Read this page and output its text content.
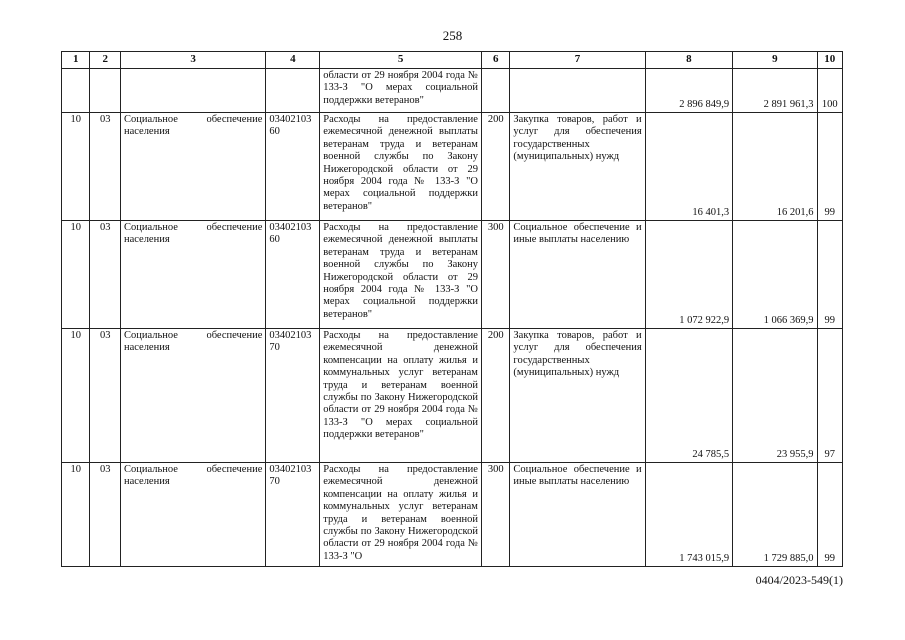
258
1	2	3	4	5	6	7	8	9	10
				области от 29 ноября 2004 года № 133-З "О мерах социальной поддержки ветеранов"			2 896 849,9	2 891 961,3	100
10	03	Социальное обеспечение населения	0340210360	Расходы на предоставление ежемесячной денежной выплаты ветеранам труда и ветеранам военной службы по Закону Нижегородской области от 29 ноября 2004 года № 133-З "О мерах социальной поддержки ветеранов"	200	Закупка товаров, работ и услуг для обеспечения государственных (муниципальных) нужд	16 401,3	16 201,6	99
10	03	Социальное обеспечение населения	0340210360	Расходы на предоставление ежемесячной денежной выплаты ветеранам труда и ветеранам военной службы по Закону Нижегородской области от 29 ноября 2004 года № 133-З "О мерах социальной поддержки ветеранов"	300	Социальное обеспечение и иные выплаты населению	1 072 922,9	1 066 369,9	99
10	03	Социальное обеспечение населения	0340210370	Расходы на предоставление ежемесячной денежной компенсации на оплату жилья и коммунальных услуг ветеранам труда и ветеранам военной службы по Закону Нижегородской области от 29 ноября 2004 года № 133-З "О мерах социальной поддержки ветеранов"	200	Закупка товаров, работ и услуг для обеспечения государственных (муниципальных) нужд	24 785,5	23 955,9	97
10	03	Социальное обеспечение населения	0340210370	Расходы на предоставление ежемесячной денежной компенсации на оплату жилья и коммунальных услуг ветеранам труда и ветеранам военной службы по Закону Нижегородской области от 29 ноября 2004 года № 133-З "О	300	Социальное обеспечение и иные выплаты населению	1 743 015,9	1 729 885,0	99
0404/2023-549(1)
